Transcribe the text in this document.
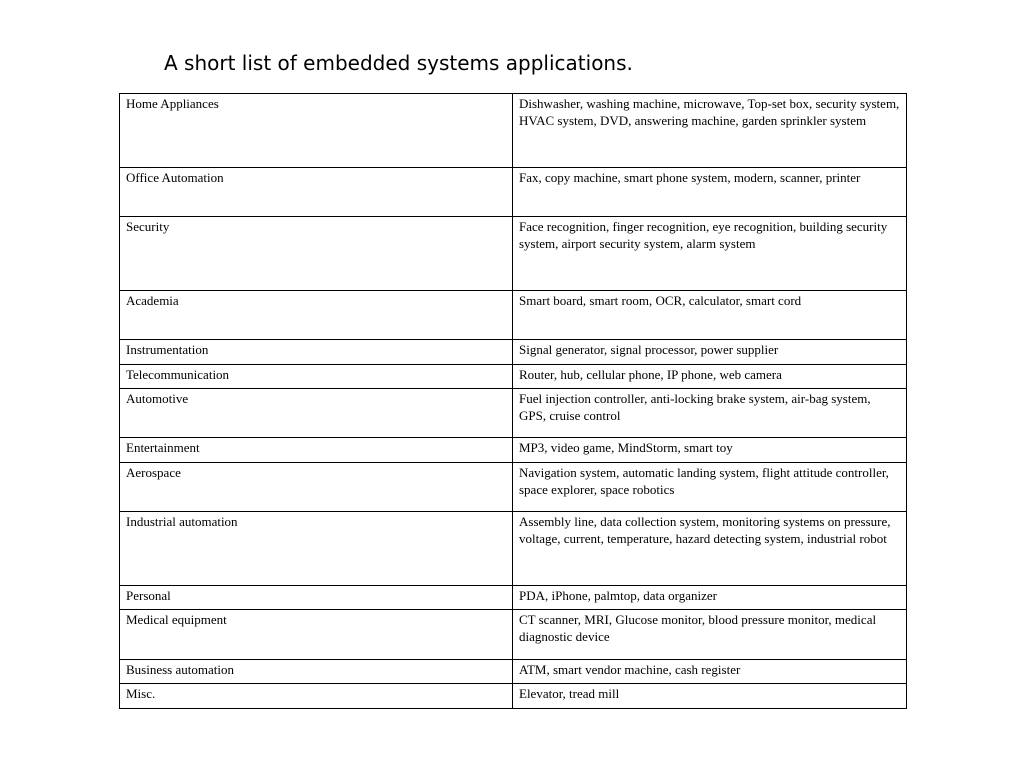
A short list of embedded systems applications.
Home Appliances	Dishwasher, washing machine, microwave, Top-set box, security system, HVAC system, DVD, answering machine, garden sprinkler system
Office Automation	Fax, copy machine, smart phone system, modern, scanner, printer
Security	Face recognition, finger recognition, eye recognition, building security system, airport security system, alarm system
Academia	Smart board, smart room, OCR, calculator, smart cord
Instrumentation	Signal generator, signal processor, power supplier
Telecommunication	Router, hub, cellular phone, IP phone, web camera
Automotive	Fuel injection controller, anti-locking brake system, air-bag system, GPS, cruise control
Entertainment	MP3, video game, MindStorm, smart toy
Aerospace	Navigation system, automatic landing system, flight attitude controller, space explorer, space robotics
Industrial automation	Assembly line, data collection system, monitoring systems on pressure, voltage, current, temperature, hazard detecting system, industrial robot
Personal	PDA, iPhone, palmtop, data organizer
Medical equipment	CT scanner, MRI, Glucose monitor, blood pressure monitor, medical diagnostic device
Business automation	ATM, smart vendor machine, cash register
Misc.	Elevator, tread mill
